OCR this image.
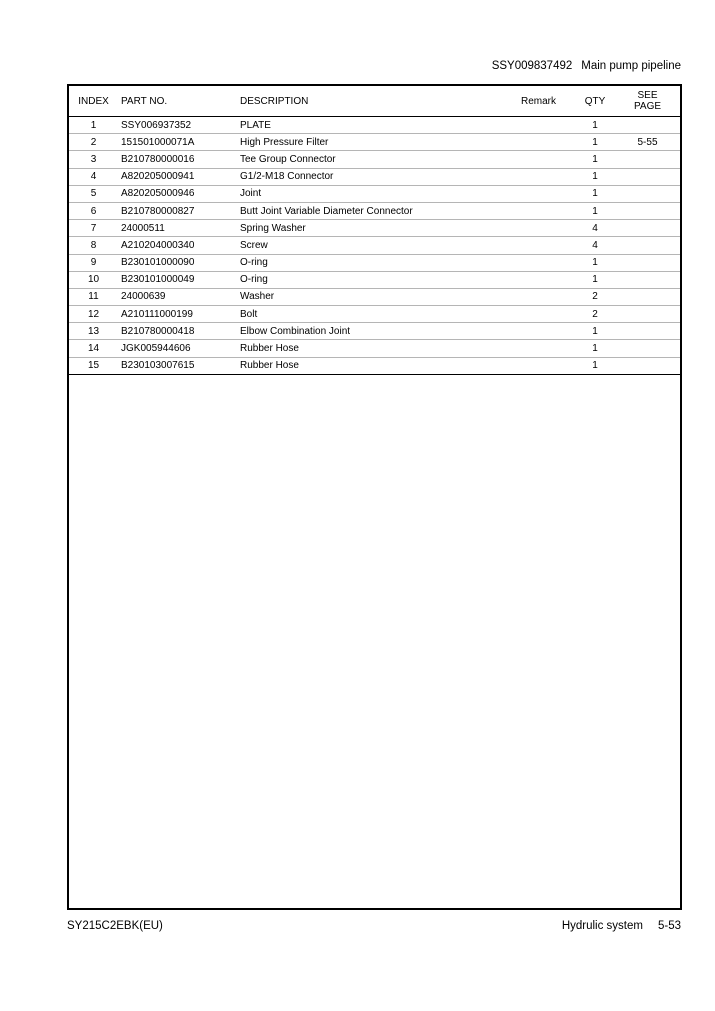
SSY009837492 Main pump pipeline
INDEX	PART NO.	DESCRIPTION	Remark	QTY	SEE
PAGE

1	SSY006937352	PLATE		1	
2	151501000071A	High Pressure Filter		1	5-55
3	B210780000016	Tee Group Connector		1	
4	A820205000941	G1/2-M18 Connector		1	
5	A820205000946	Joint		1	
6	B210780000827	Butt Joint Variable Diameter Connector		1	
7	24000511	Spring Washer		4	
8	A210204000340	Screw		4	
9	B230101000090	O-ring		1	
10	B230101000049	O-ring		1	
11	24000639	Washer		2	
12	A210111000199	Bolt		2	
13	B210780000418	Elbow Combination Joint		1	
14	JGK005944606	Rubber Hose		1	
15	B230103007615	Rubber Hose		1	
SY215C2EBK(EU)	Hydrulic system 5-53
